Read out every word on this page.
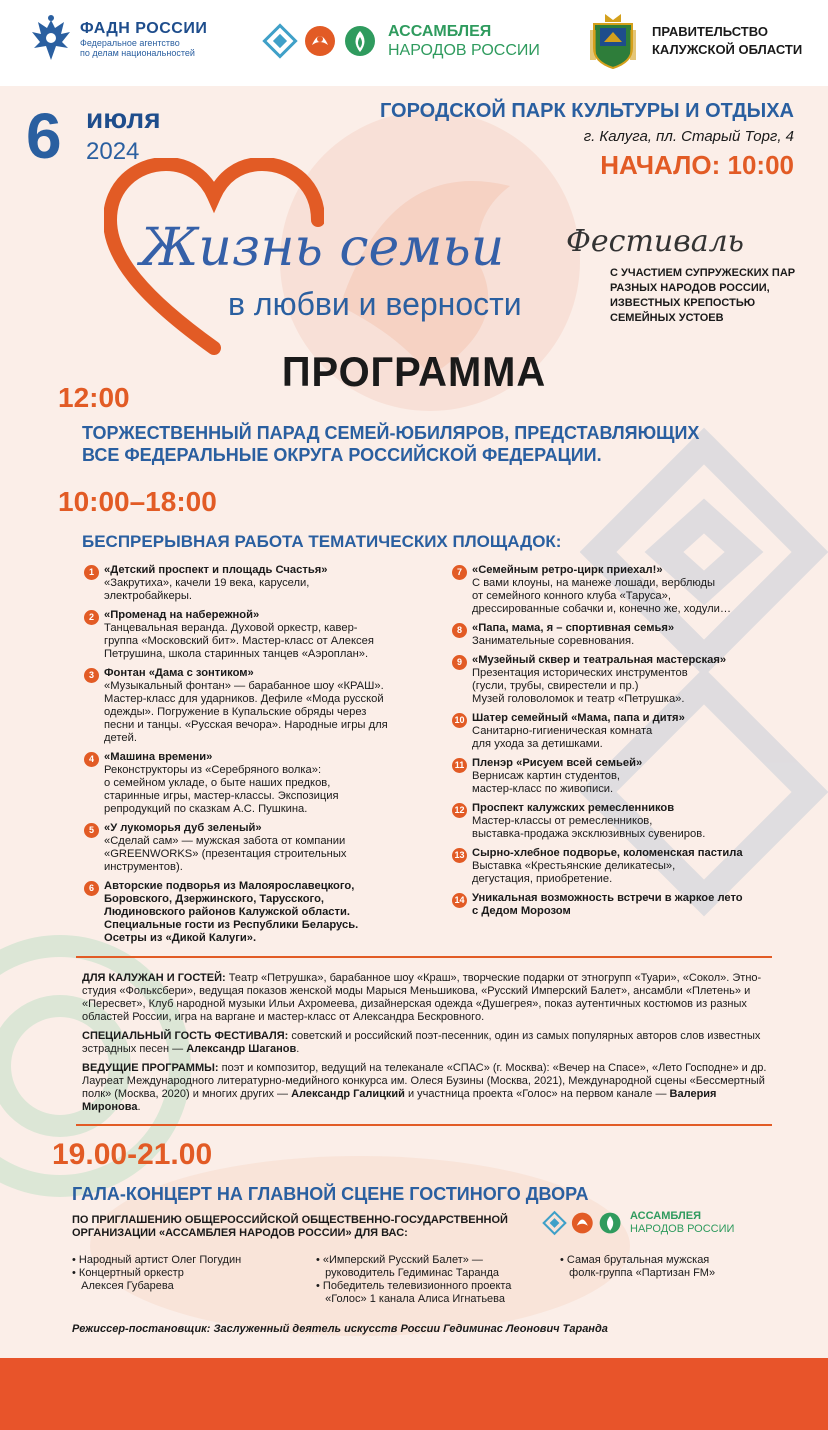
ФАДН РОССИИ
Федеральное агентство
по делам национальностей
АССАМБЛЕЯ
НАРОДОВ РОССИИ
ПРАВИТЕЛЬСТВО
КАЛУЖСКОЙ ОБЛАСТИ
6 июля
2024
ГОРОДСКОЙ ПАРК КУЛЬТУРЫ И ОТДЫХА
г. Калуга, пл. Старый Торг, 4
НАЧАЛО: 10:00
Жизнь семьи
в любви и верности
Фестиваль
С УЧАСТИЕМ СУПРУЖЕСКИХ ПАР
РАЗНЫХ НАРОДОВ РОССИИ,
ИЗВЕСТНЫХ КРЕПОСТЬЮ
СЕМЕЙНЫХ УСТОЕВ
ПРОГРАММА
12:00
ТОРЖЕСТВЕННЫЙ ПАРАД СЕМЕЙ-ЮБИЛЯРОВ, ПРЕДСТАВЛЯЮЩИХ
ВСЕ ФЕДЕРАЛЬНЫЕ ОКРУГА РОССИЙСКОЙ ФЕДЕРАЦИИ.
10:00–18:00
БЕСПРЕРЫВНАЯ РАБОТА ТЕМАТИЧЕСКИХ ПЛОЩАДОК:
1 «Детский проспект и площадь Счастья»
«Закрутиха», качели 19 века, карусели,
электробайкеры.
2 «Променад на набережной»
Танцевальная веранда. Духовой оркестр, кавер-
группа «Московский бит». Мастер-класс от Алексея
Петрушина, школа старинных танцев «Аэроплан».
3 Фонтан «Дама с зонтиком»
«Музыкальный фонтан» — барабанное шоу «КРАШ».
Мастер-класс для ударников. Дефиле «Мода русской
одежды». Погружение в Купальские обряды через
песни и танцы. «Русская вечора». Народные игры для
детей.
4 «Машина времени»
Реконструкторы из «Серебряного волка»:
о семейном укладе, о быте наших предков,
старинные игры, мастер-классы. Экспозиция
репродукций по сказкам А.С. Пушкина.
5 «У лукоморья дуб зеленый»
«Сделай сам» — мужская забота от компании
«GREENWORKS» (презентация строительных
инструментов).
6 Авторские подворья из Малоярославецкого,
Боровского, Дзержинского, Тарусского,
Людиновского районов Калужской области.
Специальные гости из Республики Беларусь.
Осетры из «Дикой Калуги».
7 «Семейным ретро-цирк приехал!»
С вами клоуны, на манеже лошади, верблюды
от семейного конного клуба «Таруса»,
дрессированные собачки и, конечно же, ходули…
8 «Папа, мама, я – спортивная семья»
Занимательные соревнования.
9 «Музейный сквер и театральная мастерская»
Презентация исторических инструментов
(гусли, трубы, свирестели и пр.)
Музей головоломок и театр «Петрушка».
10 Шатер семейный «Мама, папа и дитя»
Санитарно-гигиеническая комната
для ухода за детишками.
11 Пленэр «Рисуем всей семьей»
Вернисаж картин студентов,
мастер-класс по живописи.
12 Проспект калужских ремесленников
Мастер-классы от ремесленников,
выставка-продажа эксклюзивных сувениров.
13 Сырно-хлебное подворье, коломенская пастила
Выставка «Крестьянские деликатесы»,
дегустация, приобретение.
14 Уникальная возможность встречи в жаркое лето
с Дедом Морозом
ДЛЯ КАЛУЖАН И ГОСТЕЙ: Театр «Петрушка», барабанное шоу «Краш», творческие подарки от этногрупп «Туари», «Сокол». Этно-студия «Фольксбери», ведущая показов женской моды Марыся Меньшикова, «Русский Имперский Балет», ансамбли «Плетень» и «Пересвет», Клуб народной музыки Ильи Ахромеева, дизайнерская одежда «Душегрея», показ аутентичных костюмов из разных областей России, игра на варгане и мастер-класс от Александра Бескровного.
СПЕЦИАЛЬНЫЙ ГОСТЬ ФЕСТИВАЛЯ: советский и российский поэт-песенник, один из самых популярных авторов слов известных эстрадных песен — Александр Шаганов.
ВЕДУЩИЕ ПРОГРАММЫ: поэт и композитор, ведущий на телеканале «СПАС» (г. Москва): «Вечер на Спасе», «Лето Господне» и др. Лауреат Международного литературно-медийного конкурса им. Олеся Бузины (Москва, 2021), Международной сцены «Бессмертный полк» (Москва, 2020) и многих других — Александр Галицкий и участница проекта «Голос» на первом канале — Валерия Миронова.
19.00-21.00
ГАЛА-КОНЦЕРТ НА ГЛАВНОЙ СЦЕНЕ ГОСТИНОГО ДВОРА
ПО ПРИГЛАШЕНИЮ ОБЩЕРОССИЙСКОЙ ОБЩЕСТВЕННО-ГОСУДАРСТВЕННОЙ
ОРГАНИЗАЦИИ «АССАМБЛЕЯ НАРОДОВ РОССИИ» ДЛЯ ВАС:
АССАМБЛЕЯ
НАРОДОВ РОССИИ
• Народный артист Олег Погудин
• Концертный оркестр
Алексея Губарева
• «Имперский Русский Балет» —
руководитель Гедиминас Таранда
• Победитель телевизионного проекта
«Голос» 1 канала Алиса Игнатьева
• Самая брутальная мужская
фолк-группа «Партизан FM»
Режиссер-постановщик: Заслуженный деятель искусств России Гедиминас Леонович Таранда
